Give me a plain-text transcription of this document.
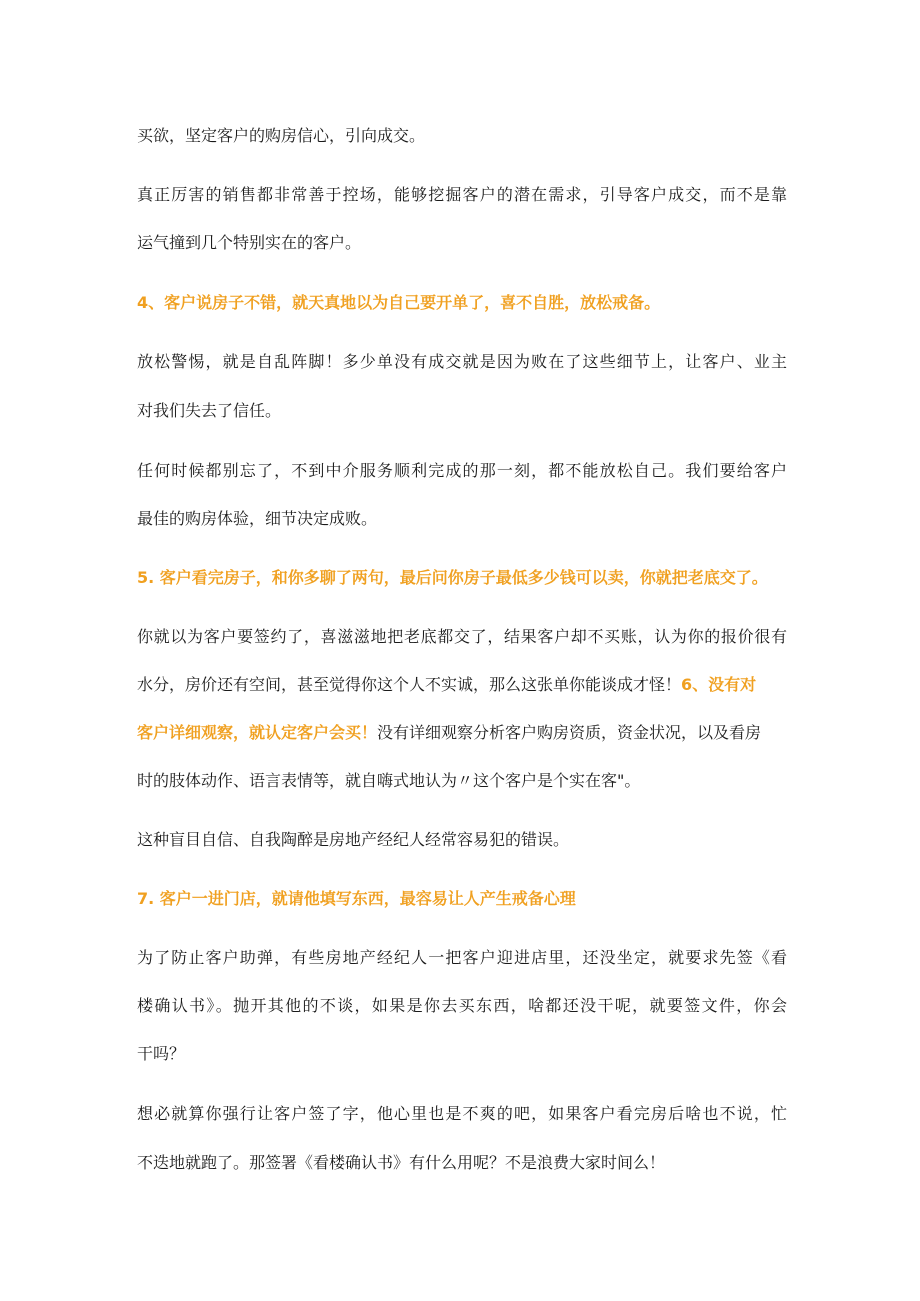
买欲，坚定客户的购房信心，引向成交。
真正厉害的销售都非常善于控场，能够挖掘客户的潜在需求，引导客户成交，而不是靠
运气撞到几个特别实在的客户。
4、客户说房子不错，就天真地以为自己要开单了，喜不自胜，放松戒备。
放松警惕，就是自乱阵脚！多少单没有成交就是因为败在了这些细节上，让客户、业主
对我们失去了信任。
任何时候都别忘了，不到中介服务顺利完成的那一刻，都不能放松自己。我们要给客户
最佳的购房体验，细节决定成败。
5. 客户看完房子，和你多聊了两句，最后问你房子最低多少钱可以卖，你就把老底交了。
你就以为客户要签约了，喜滋滋地把老底都交了，结果客户却不买账，认为你的报价很有
水分，房价还有空间，甚至觉得你这个人不实诚，那么这张单你能谈成才怪！6、没有对
客户详细观察，就认定客户会买！没有详细观察分析客户购房资质，资金状况，以及看房
时的肢体动作、语言表情等，就自嗨式地认为〃这个客户是个实在客"。
这种盲目自信、自我陶醉是房地产经纪人经常容易犯的错误。
7. 客户一进门店，就请他填写东西，最容易让人产生戒备心理
为了防止客户助弹，有些房地产经纪人一把客户迎进店里，还没坐定，就要求先签《看
楼确认书》。抛开其他的不谈，如果是你去买东西，啥都还没干呢，就要签文件，你会
干吗？
想必就算你强行让客户签了字，他心里也是不爽的吧，如果客户看完房后啥也不说，忙
不迭地就跑了。那签署《看楼确认书》有什么用呢？不是浪费大家时间么！
